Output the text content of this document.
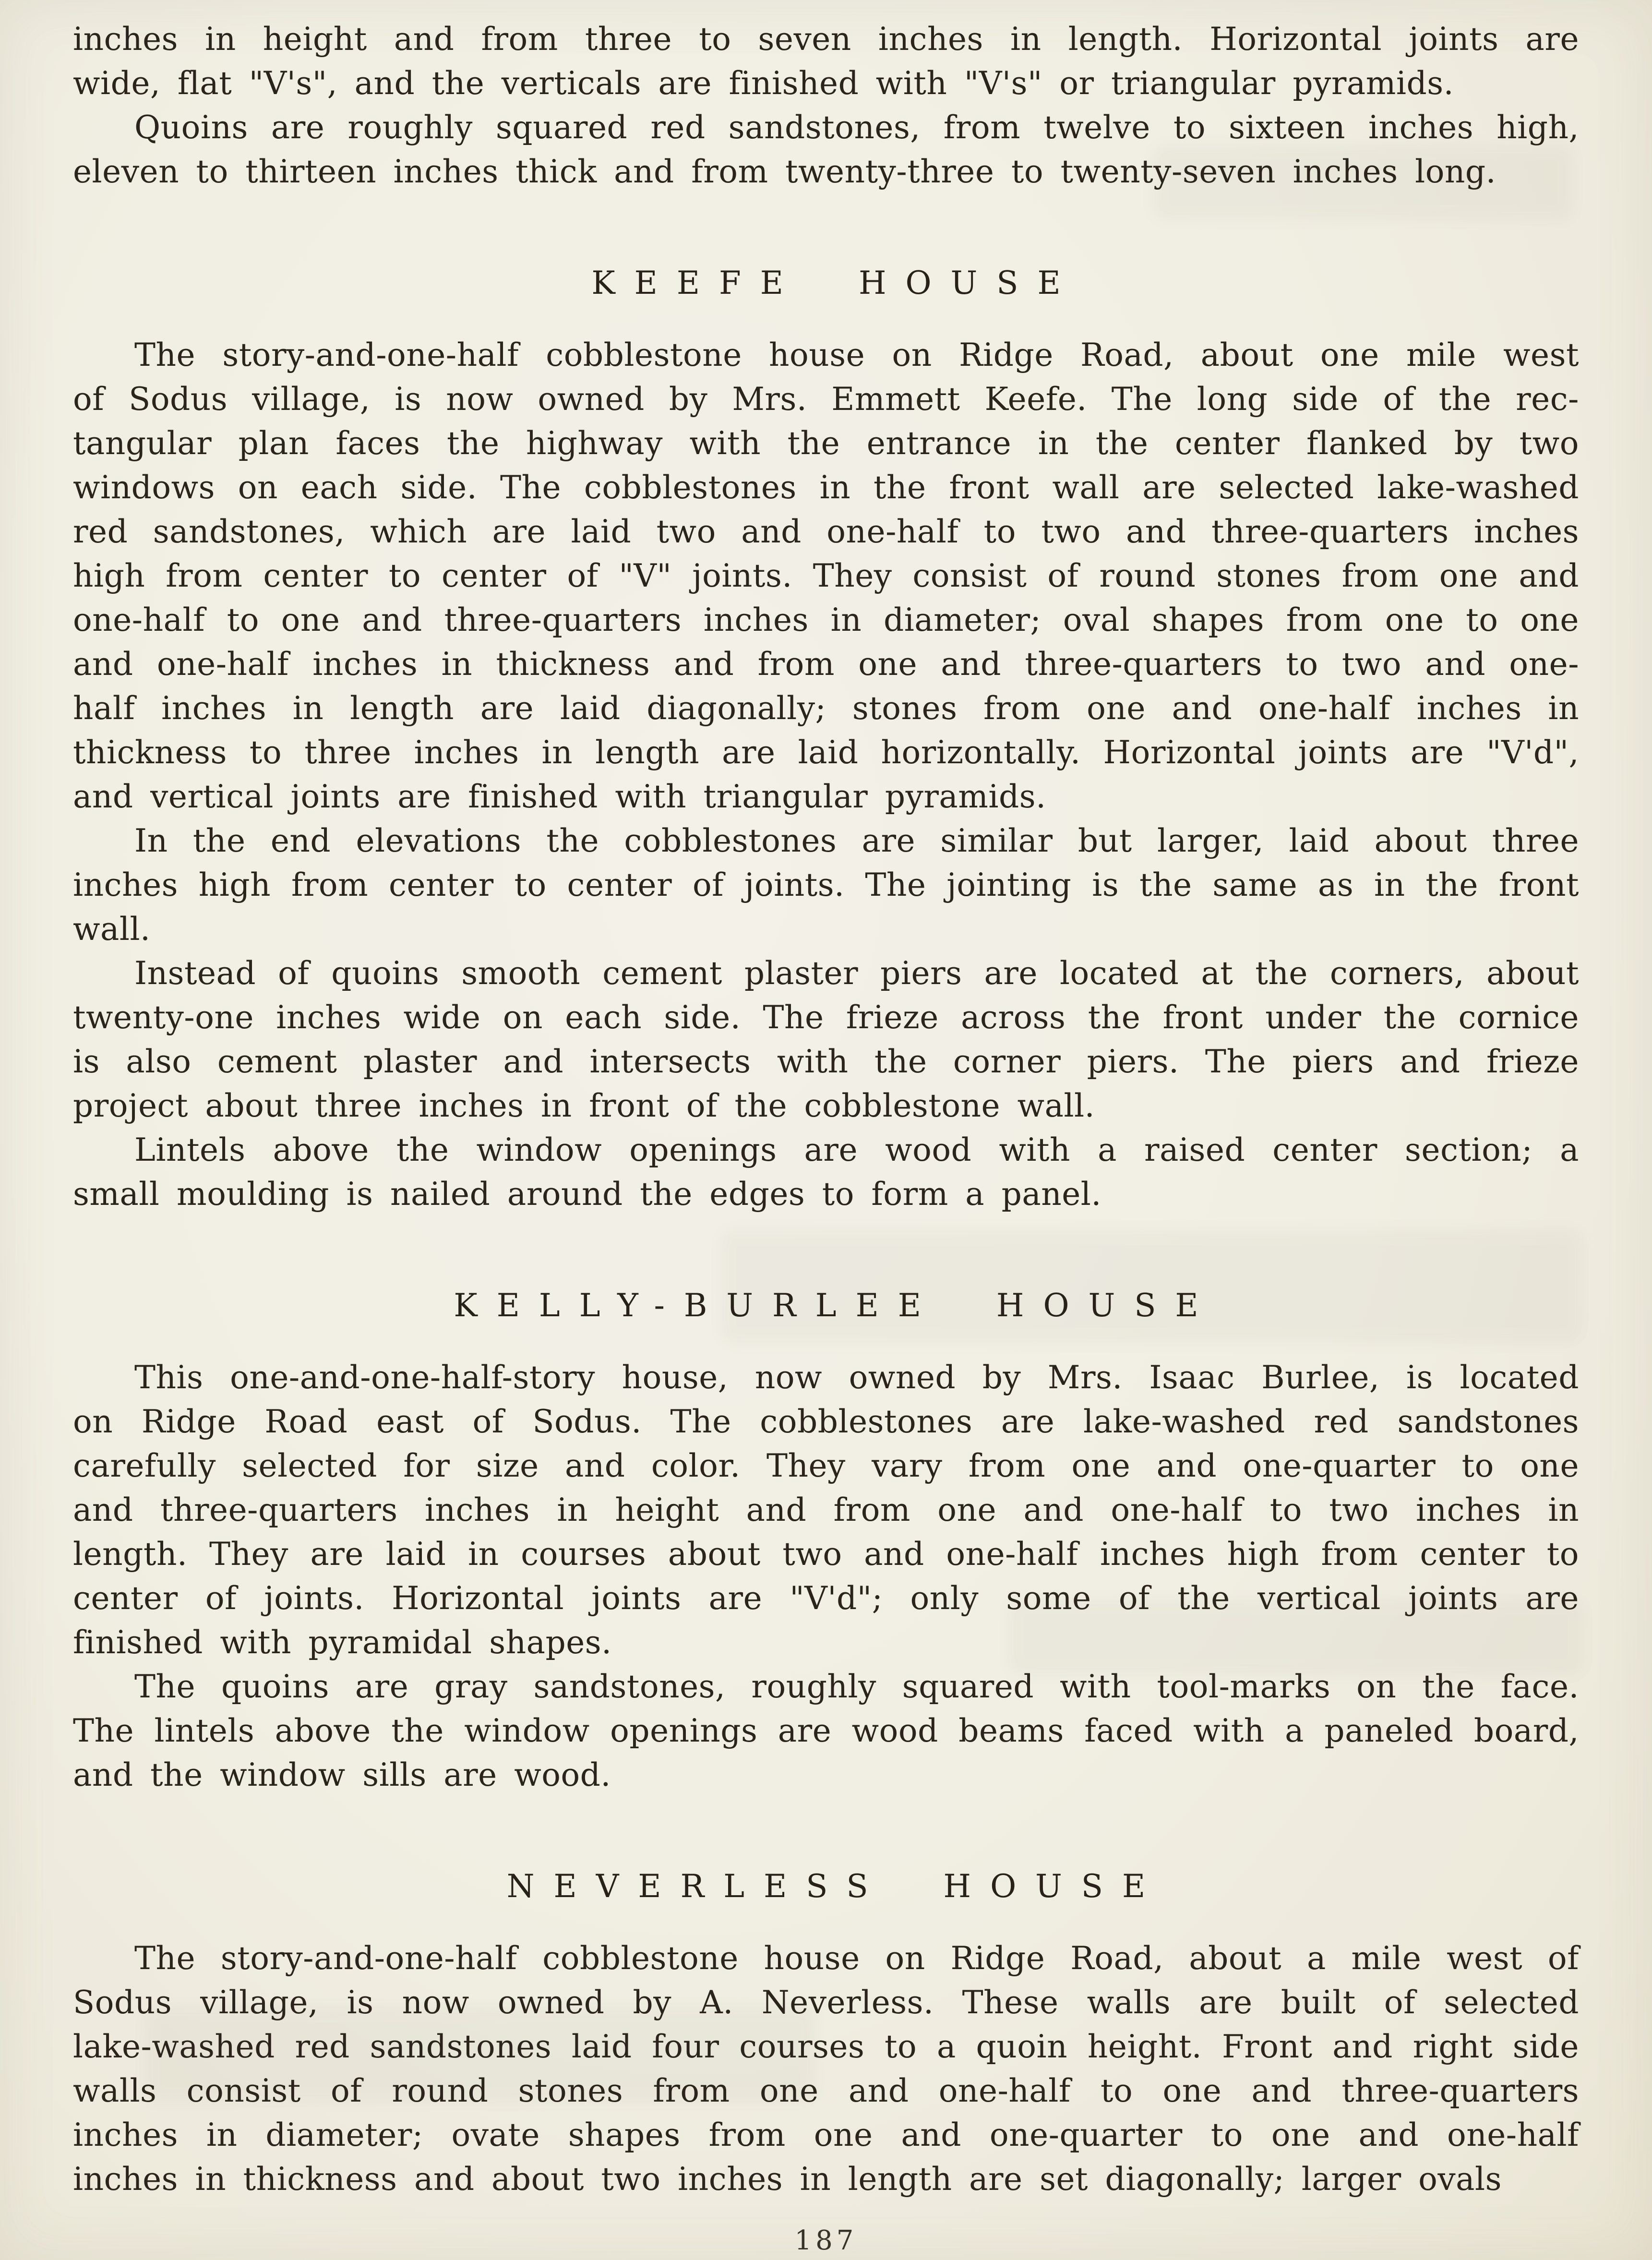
inches in height and from three to seven inches in length. Horizontal joints are
wide, flat "V's", and the verticals are finished with "V's" or triangular pyramids.

Quoins are roughly squared red sandstones, from twelve to sixteen inches high,
eleven to thirteen inches thick and from twenty-three to twenty-seven inches long.

KEEFE HOUSE

The story-and-one-half cobblestone house on Ridge Road, about one mile west
of Sodus village, is now owned by Mrs. Emmett Keefe. The long side of the rec-
tangular plan faces the highway with the entrance in the center flanked by two
windows on each side. The cobblestones in the front wall are selected lake-washed
red sandstones, which are laid two and one-half to two and three-quarters inches
high from center to center of "V" joints. They consist of round stones from one and
one-half to one and three-quarters inches in diameter; oval shapes from one to one
and one-half inches in thickness and from one and three-quarters to two and one-
half inches in length are laid diagonally; stones from one and one-half inches in
thickness to three inches in length are laid horizontally. Horizontal joints are "V'd",
and vertical joints are finished with triangular pyramids.

In the end elevations the cobblestones are similar but larger, laid about three
inches high from center to center of joints. The jointing is the same as in the front
wall.

Instead of quoins smooth cement plaster piers are located at the corners, about
twenty-one inches wide on each side. The frieze across the front under the cornice
is also cement plaster and intersects with the corner piers. The piers and frieze
project about three inches in front of the cobblestone wall.

Lintels above the window openings are wood with a raised center section; a
small moulding is nailed around the edges to form a panel.

KELLY-BURLEE HOUSE

This one-and-one-half-story house, now owned by Mrs. Isaac Burlee, is located
on Ridge Road east of Sodus. The cobblestones are lake-washed red sandstones
carefully selected for size and color. They vary from one and one-quarter to one
and three-quarters inches in height and from one and one-half to two inches in
length. They are laid in courses about two and one-half inches high from center to
center of joints. Horizontal joints are "V'd"; only some of the vertical joints are
finished with pyramidal shapes.

The quoins are gray sandstones, roughly squared with tool-marks on the face.
The lintels above the window openings are wood beams faced with a paneled board,
and the window sills are wood.

NEVERLESS HOUSE

The story-and-one-half cobblestone house on Ridge Road, about a mile west of
Sodus village, is now owned by A. Neverless. These walls are built of selected
lake-washed red sandstones laid four courses to a quoin height. Front and right side
walls consist of round stones from one and one-half to one and three-quarters
inches in diameter; ovate shapes from one and one-quarter to one and one-half
inches in thickness and about two inches in length are set diagonally; larger ovals

187
